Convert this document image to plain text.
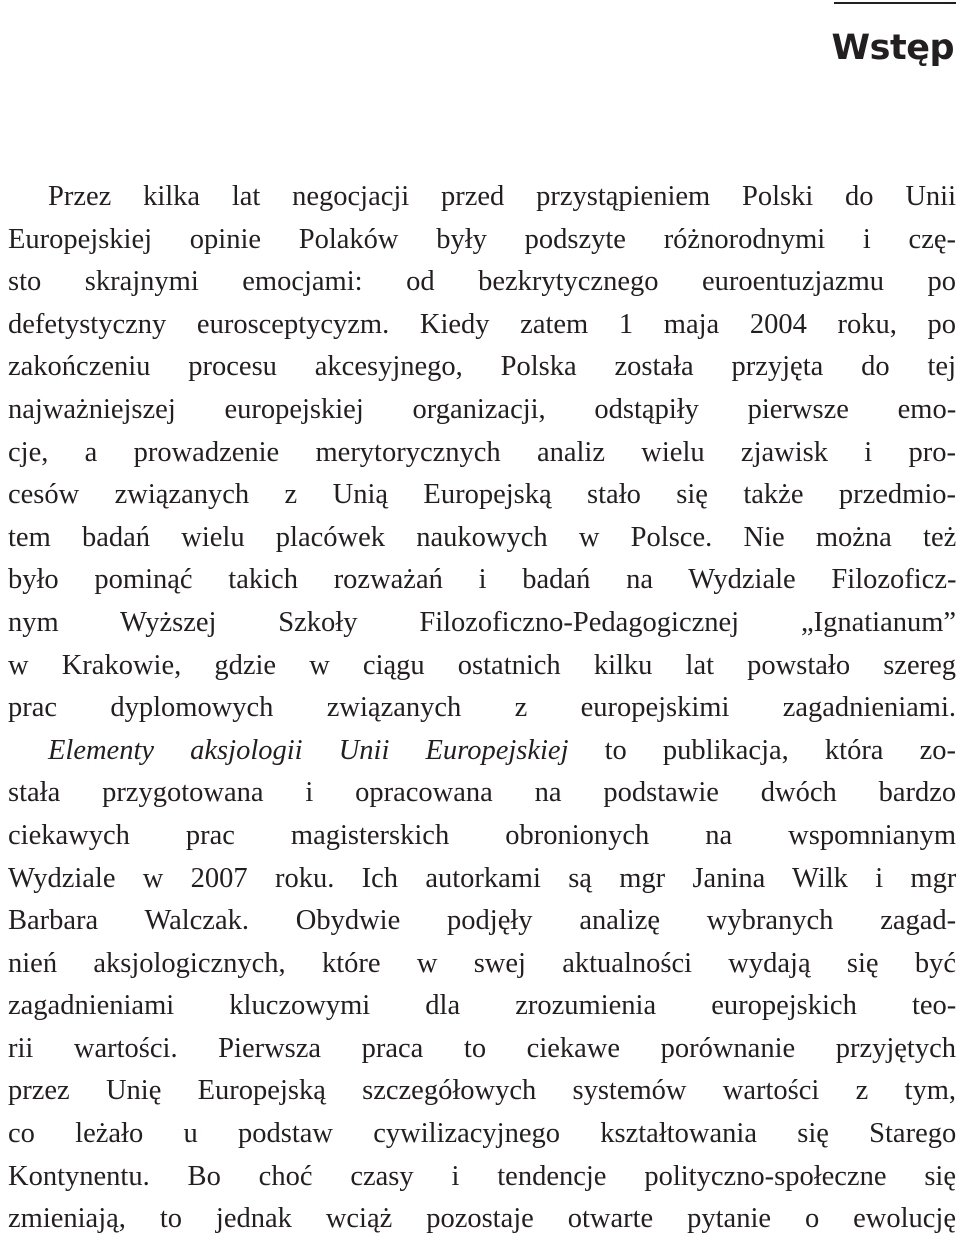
Wstęp
Przez kilka lat negocjacji przed przystąpieniem Polski do Unii
Europejskiej opinie Polaków były podszyte różnorodnymi i czę-
sto skrajnymi emocjami: od bezkrytycznego euroentuzjazmu po
defetystyczny eurosceptycyzm. Kiedy zatem 1 maja 2004 roku, po
zakończeniu procesu akcesyjnego, Polska została przyjęta do tej
najważniejszej europejskiej organizacji, odstąpiły pierwsze emo-
cje, a prowadzenie merytorycznych analiz wielu zjawisk i pro-
cesów związanych z Unią Europejską stało się także przedmio-
tem badań wielu placówek naukowych w Polsce. Nie można też
było pominąć takich rozważań i badań na Wydziale Filozoficz-
nym Wyższej Szkoły Filozoficzno-Pedagogicznej „Ignatianum”
w Krakowie, gdzie w ciągu ostatnich kilku lat powstało szereg
prac dyplomowych związanych z europejskimi zagadnieniami.
Elementy aksjologii Unii Europejskiej to publikacja, która zo-
stała przygotowana i opracowana na podstawie dwóch bardzo
ciekawych prac magisterskich obronionych na wspomnianym
Wydziale w 2007 roku. Ich autorkami są mgr Janina Wilk i mgr
Barbara Walczak. Obydwie podjęły analizę wybranych zagad-
nień aksjologicznych, które w swej aktualności wydają się być
zagadnieniami kluczowymi dla zrozumienia europejskich teo-
rii wartości. Pierwsza praca to ciekawe porównanie przyjętych
przez Unię Europejską szczegółowych systemów wartości z tym,
co leżało u podstaw cywilizacyjnego kształtowania się Starego
Kontynentu. Bo choć czasy i tendencje polityczno-społeczne się
zmieniają, to jednak wciąż pozostaje otwarte pytanie o ewolucję
